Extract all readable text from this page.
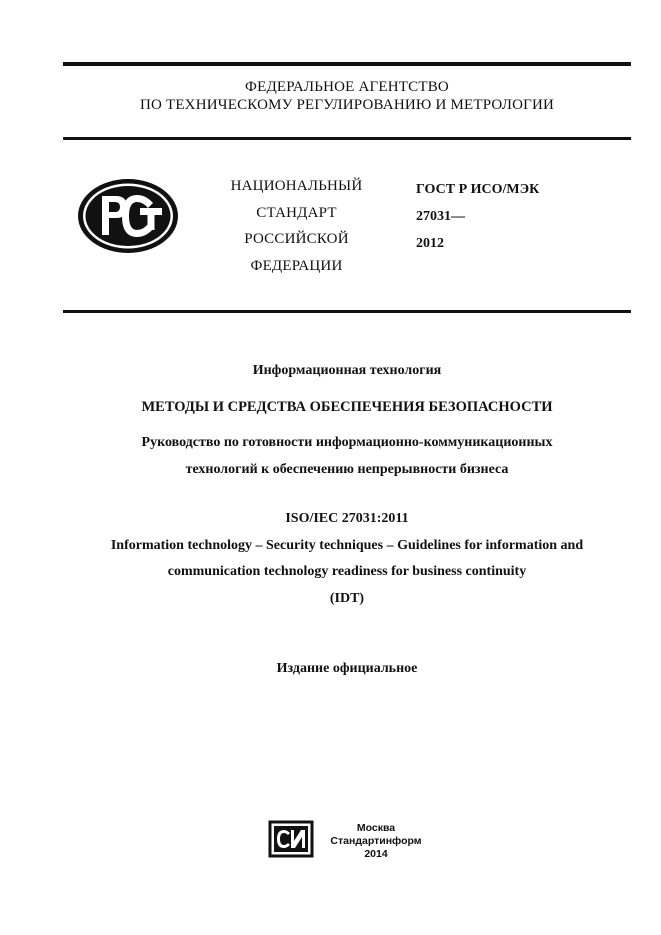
ФЕДЕРАЛЬНОЕ АГЕНТСТВО
ПО ТЕХНИЧЕСКОМУ РЕГУЛИРОВАНИЮ И МЕТРОЛОГИИ
НАЦИОНАЛЬНЫЙ
СТАНДАРТ
РОССИЙСКОЙ
ФЕДЕРАЦИИ
ГОСТ Р ИСО/МЭК
27031—
2012
Информационная технология
МЕТОДЫ И СРЕДСТВА ОБЕСПЕЧЕНИЯ БЕЗОПАСНОСТИ
Руководство по готовности информационно-коммуникационных
технологий к обеспечению непрерывности бизнеса
ISO/IEC 27031:2011
Information technology – Security techniques – Guidelines for information and
communication technology readiness for business continuity
(IDT)
Издание официальное
Москва
Стандартинформ
2014
